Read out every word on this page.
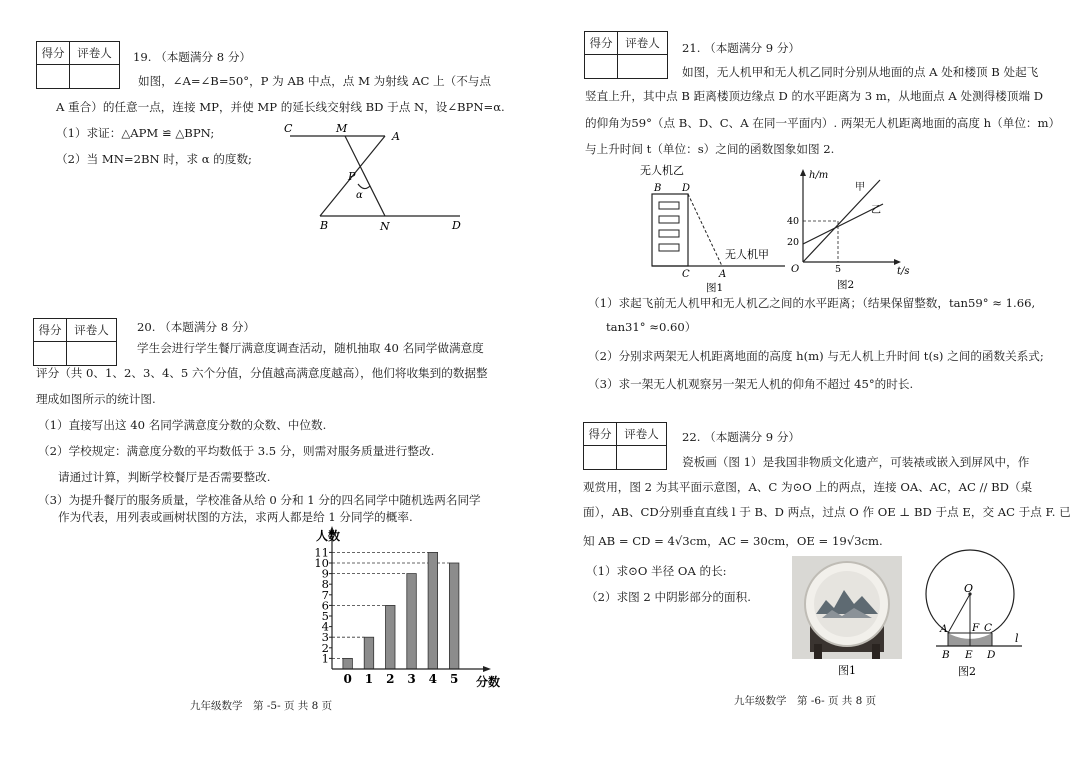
得分	评卷人	19. （本题满分 8 分）
如图，∠A=∠B=50°，P 为 AB 中点，点 M 为射线 AC 上（不与点
A 重合）的任意一点，连接 MP，并使 MP 的延长线交射线 BD 于点 N，设∠BPN=α.
（1）求证：△APM ≌ △BPN;
（2）当 MN=2BN 时，求 α 的度数;
C	M
A
P
α
B	N	D
得分	评卷人	20. （本题满分 8 分）
学生会进行学生餐厅满意度调查活动，随机抽取 40 名同学做满意度
评分（共 0、1、2、3、4、5 六个分值，分值越高满意度越高），他们将收集到的数据整
理成如图所示的统计图.
（1）直接写出这 40 名同学满意度分数的众数、中位数.
（2）学校规定：满意度分数的平均数低于 3.5 分，则需对服务质量进行整改.
请通过计算，判断学校餐厅是否需要整改.
（3）为提升餐厅的服务质量，学校准备从给 0 分和 1 分的四名同学中随机选两名同学
作为代表，用列表或画树状图的方法，求两人都是给 1 分同学的概率.
1
2
3
4
5
6
7
8
9
10
11
0 1 2 3 4 5
人数
分数
九年级数学　第 -5- 页 共 8 页
得分	评卷人	21. （本题满分 9 分）
如图，无人机甲和无人机乙同时分别从地面的点 A 处和楼顶 B 处起飞
竖直上升，其中点 B 距离楼顶边缘点 D 的水平距离为 3 m，从地面点 A 处测得楼顶端 D
的仰角为59°（点 B、D、C、A 在同一平面内）. 两架无人机距离地面的高度 h（单位：m）
与上升时间 t（单位：s）之间的函数图象如图 2.
无人机乙
B D
无人机甲
C	A
图1
h/m
t/s
甲
乙
40
20
O	5
图2
（1）求起飞前无人机甲和无人机乙之间的水平距离；（结果保留整数，tan59° ≈ 1.66,
tan31° ≈0.60）
（2）分别求两架无人机距离地面的高度 h(m) 与无人机上升时间 t(s) 之间的函数关系式;
（3）求一架无人机观察另一架无人机的仰角不超过 45°的时长.
得分	评卷人	22. （本题满分 9 分）
瓷板画（图 1）是我国非物质文化遗产，可装裱或嵌入到屏风中，作
观赏用，图 2 为其平面示意图，A、C 为⊙O 上的两点，连接 OA、AC，AC // BD（桌
面），AB、CD分别垂直直线 l 于 B、D 两点，过点 O 作 OE ⊥ BD 于点 E，交 AC 于点 F. 已
知 AB = CD = 4√3cm，AC = 30cm，OE = 19√3cm.
（1）求⊙O 半径 OA 的长:
（2）求图 2 中阴影部分的面积.
图1
O
A F C
B E D
l
图2
九年级数学　第 -6- 页 共 8 页
